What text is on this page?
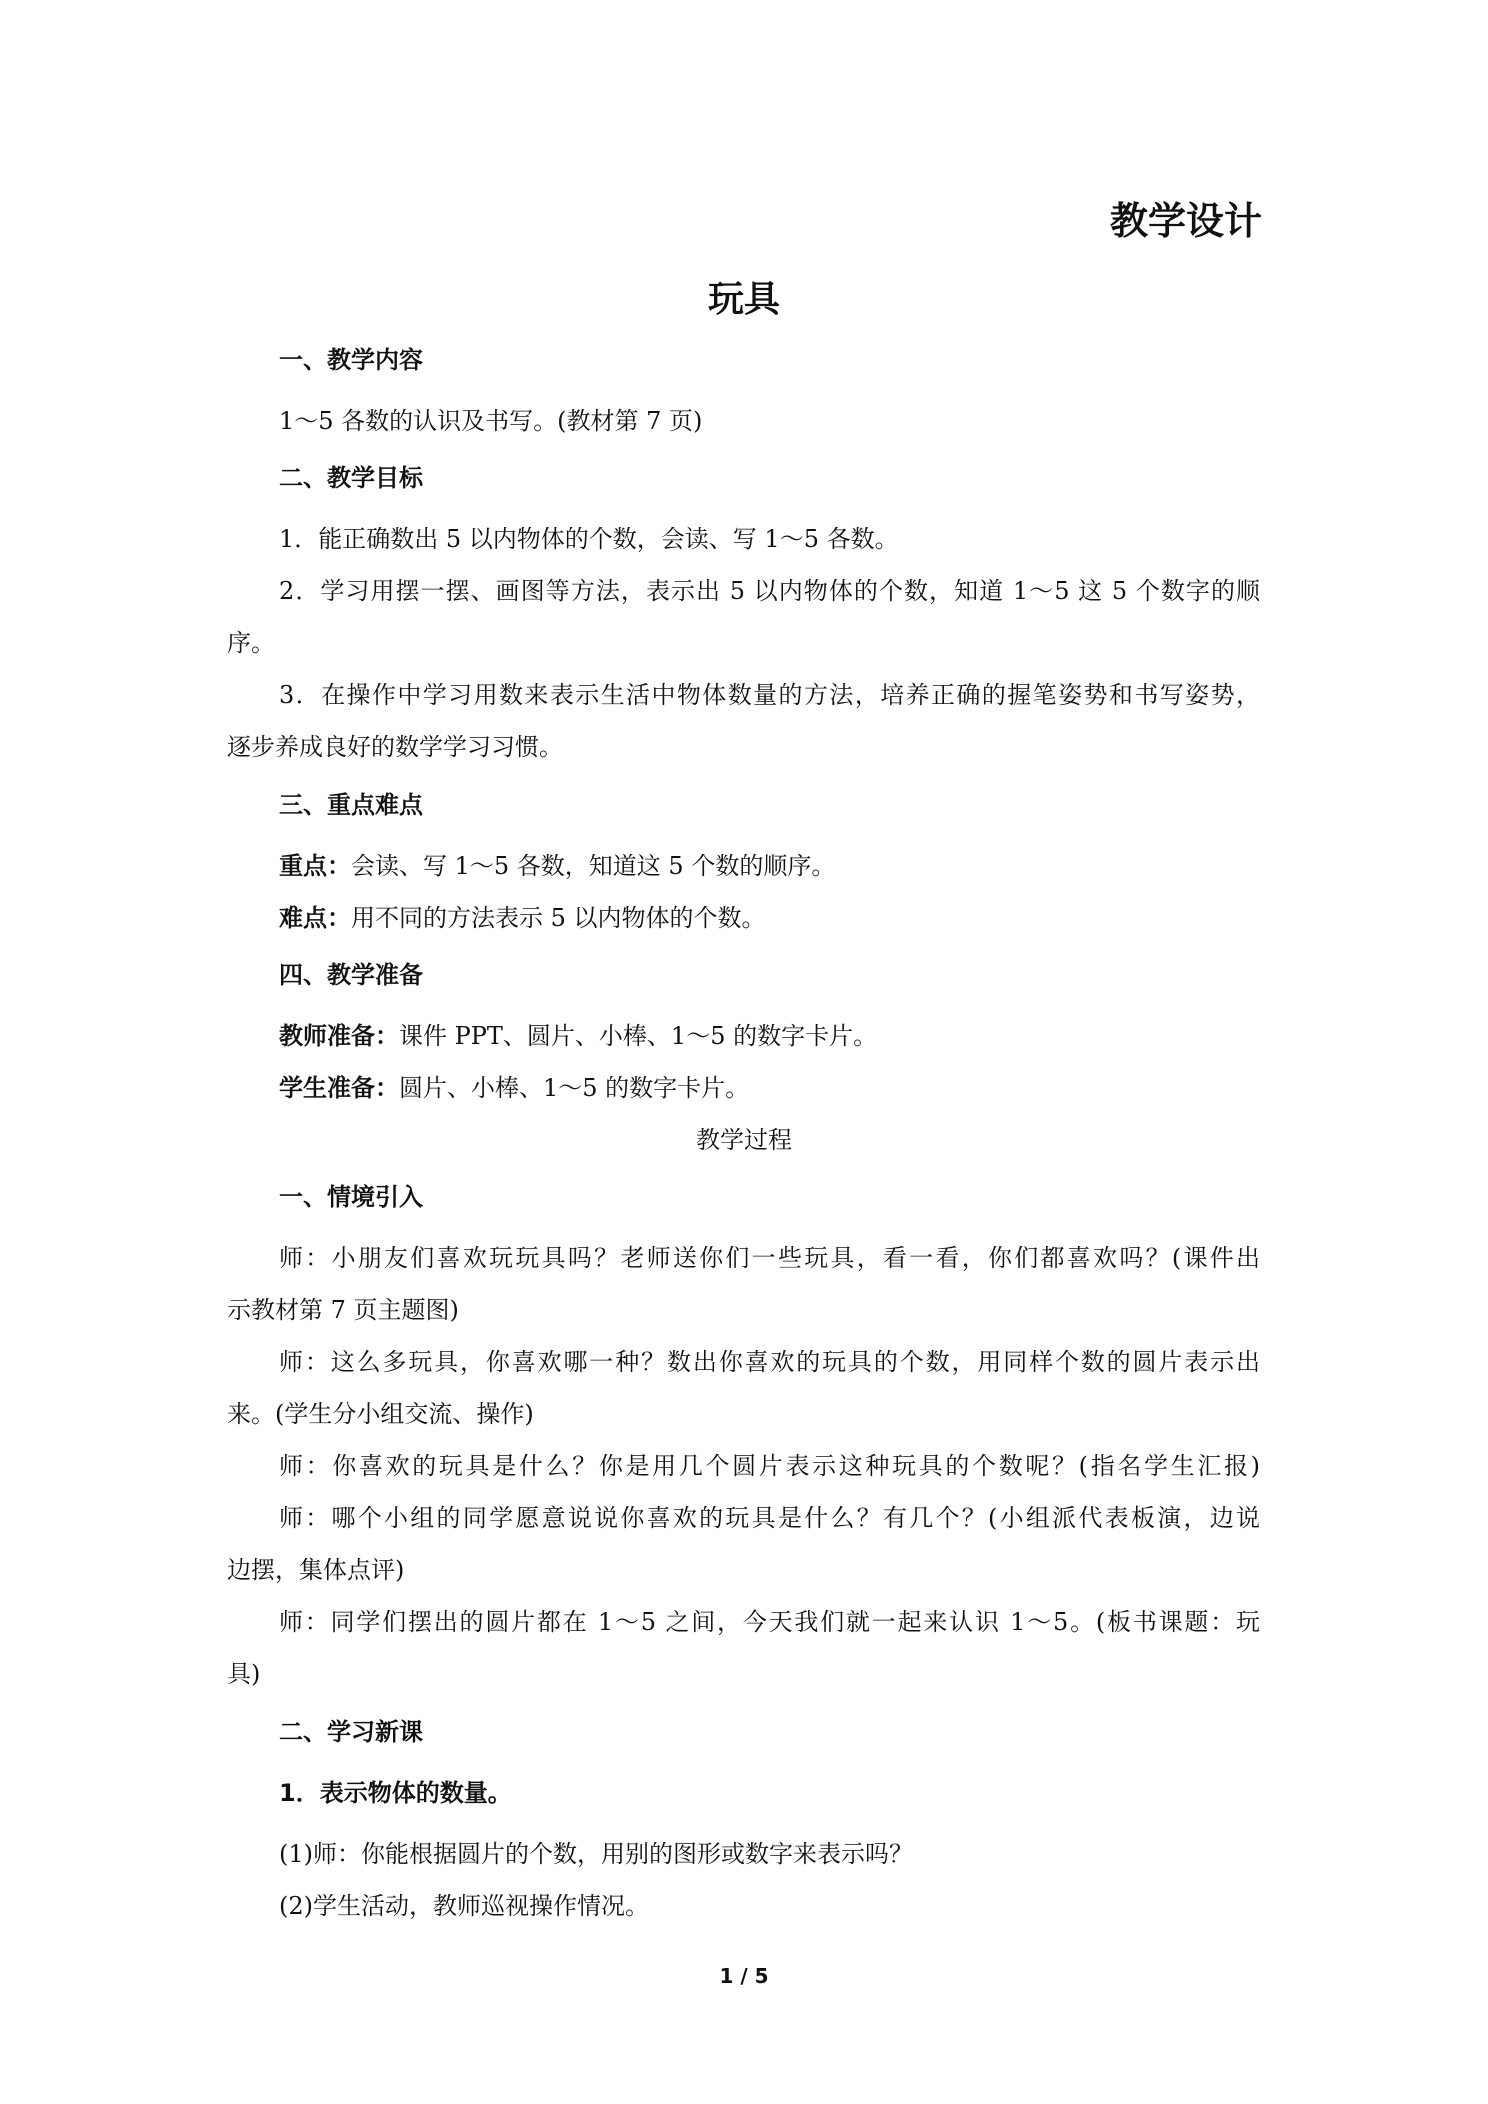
教学设计
玩具
一、教学内容
1～5 各数的认识及书写。(教材第 7 页)
二、教学目标
1．能正确数出 5 以内物体的个数，会读、写 1～5 各数。
2．学习用摆一摆、画图等方法，表示出 5 以内物体的个数，知道 1～5 这 5 个数字的顺
序。
3．在操作中学习用数来表示生活中物体数量的方法，培养正确的握笔姿势和书写姿势，
逐步养成良好的数学学习习惯。
三、重点难点
重点：会读、写 1～5 各数，知道这 5 个数的顺序。
难点：用不同的方法表示 5 以内物体的个数。
四、教学准备
教师准备：课件 PPT、圆片、小棒、1～5 的数字卡片。
学生准备：圆片、小棒、1～5 的数字卡片。
教学过程
一、情境引入
师：小朋友们喜欢玩玩具吗？老师送你们一些玩具，看一看，你们都喜欢吗？(课件出
示教材第 7 页主题图)
师：这么多玩具，你喜欢哪一种？数出你喜欢的玩具的个数，用同样个数的圆片表示出
来。(学生分小组交流、操作)
师：你喜欢的玩具是什么？你是用几个圆片表示这种玩具的个数呢？(指名学生汇报)
师：哪个小组的同学愿意说说你喜欢的玩具是什么？有几个？(小组派代表板演，边说
边摆，集体点评)
师：同学们摆出的圆片都在 1～5 之间，今天我们就一起来认识 1～5。(板书课题：玩
具)
二、学习新课
1．表示物体的数量。
(1)师：你能根据圆片的个数，用别的图形或数字来表示吗？
(2)学生活动，教师巡视操作情况。
1 / 5
